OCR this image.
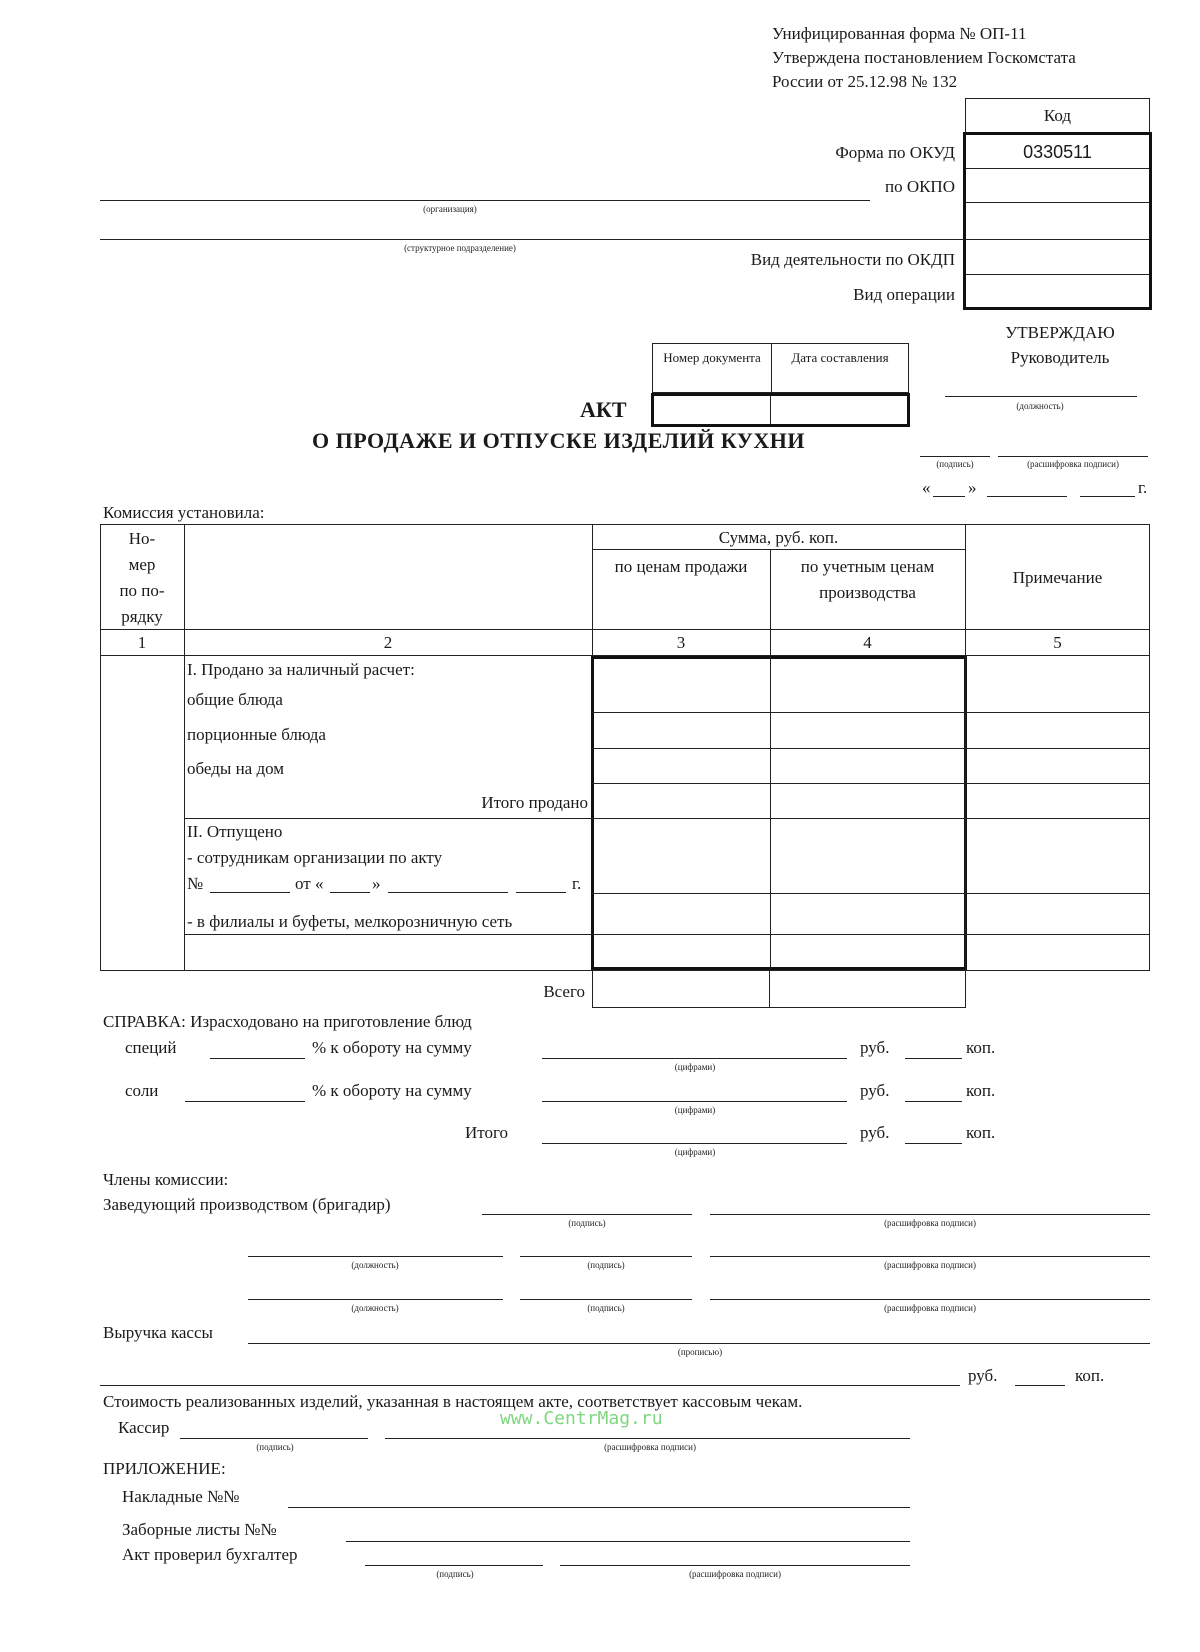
Унифицированная форма № ОП-11
Утверждена постановлением Госкомстата
России от 25.12.98 № 132
Код
0330511
Форма по ОКУД
по ОКПО
Вид деятельности по ОКДП
Вид операции
(организация)
(структурное подразделение)
Номер документа	Дата составления
АКТ
О ПРОДАЖЕ И ОТПУСКЕ ИЗДЕЛИЙ КУХНИ
УТВЕРЖДАЮ
Руководитель
(должность)
(подпись)	(расшифровка подписи)
« »	г.
Комиссия установила:
Но-
мер
по по-
рядку
Сумма, руб. коп.
по ценам продажи	по учетным ценам производства
Примечание
1	2	3	4	5
I. Продано за наличный расчет:
общие блюда
порционные блюда
обеды на дом
Итого продано
II. Отпущено
- сотрудникам организации по акту
№	от «	»	г.
- в филиалы и буфеты, мелкорозничную сеть
Всего
СПРАВКА: Израсходовано на приготовление блюд
специй	% к обороту на сумму
(цифрами)
руб.	коп.
соли	% к обороту на сумму
(цифрами)
руб.	коп.
Итого
(цифрами)
руб.	коп.
Члены комиссии:
Заведующий производством (бригадир)
(подпись)	(расшифровка подписи)
(должность)	(подпись)	(расшифровка подписи)
(должность)	(подпись)	(расшифровка подписи)
Выручка кассы
(прописью)
руб.	коп.
Стоимость реализованных изделий, указанная в настоящем акте, соответствует кассовым чекам.
www.CentrMag.ru
Кассир
(подпись)	(расшифровка подписи)
ПРИЛОЖЕНИЕ:
Накладные №№
Заборные листы №№
Акт проверил бухгалтер
(подпись)	(расшифровка подписи)
